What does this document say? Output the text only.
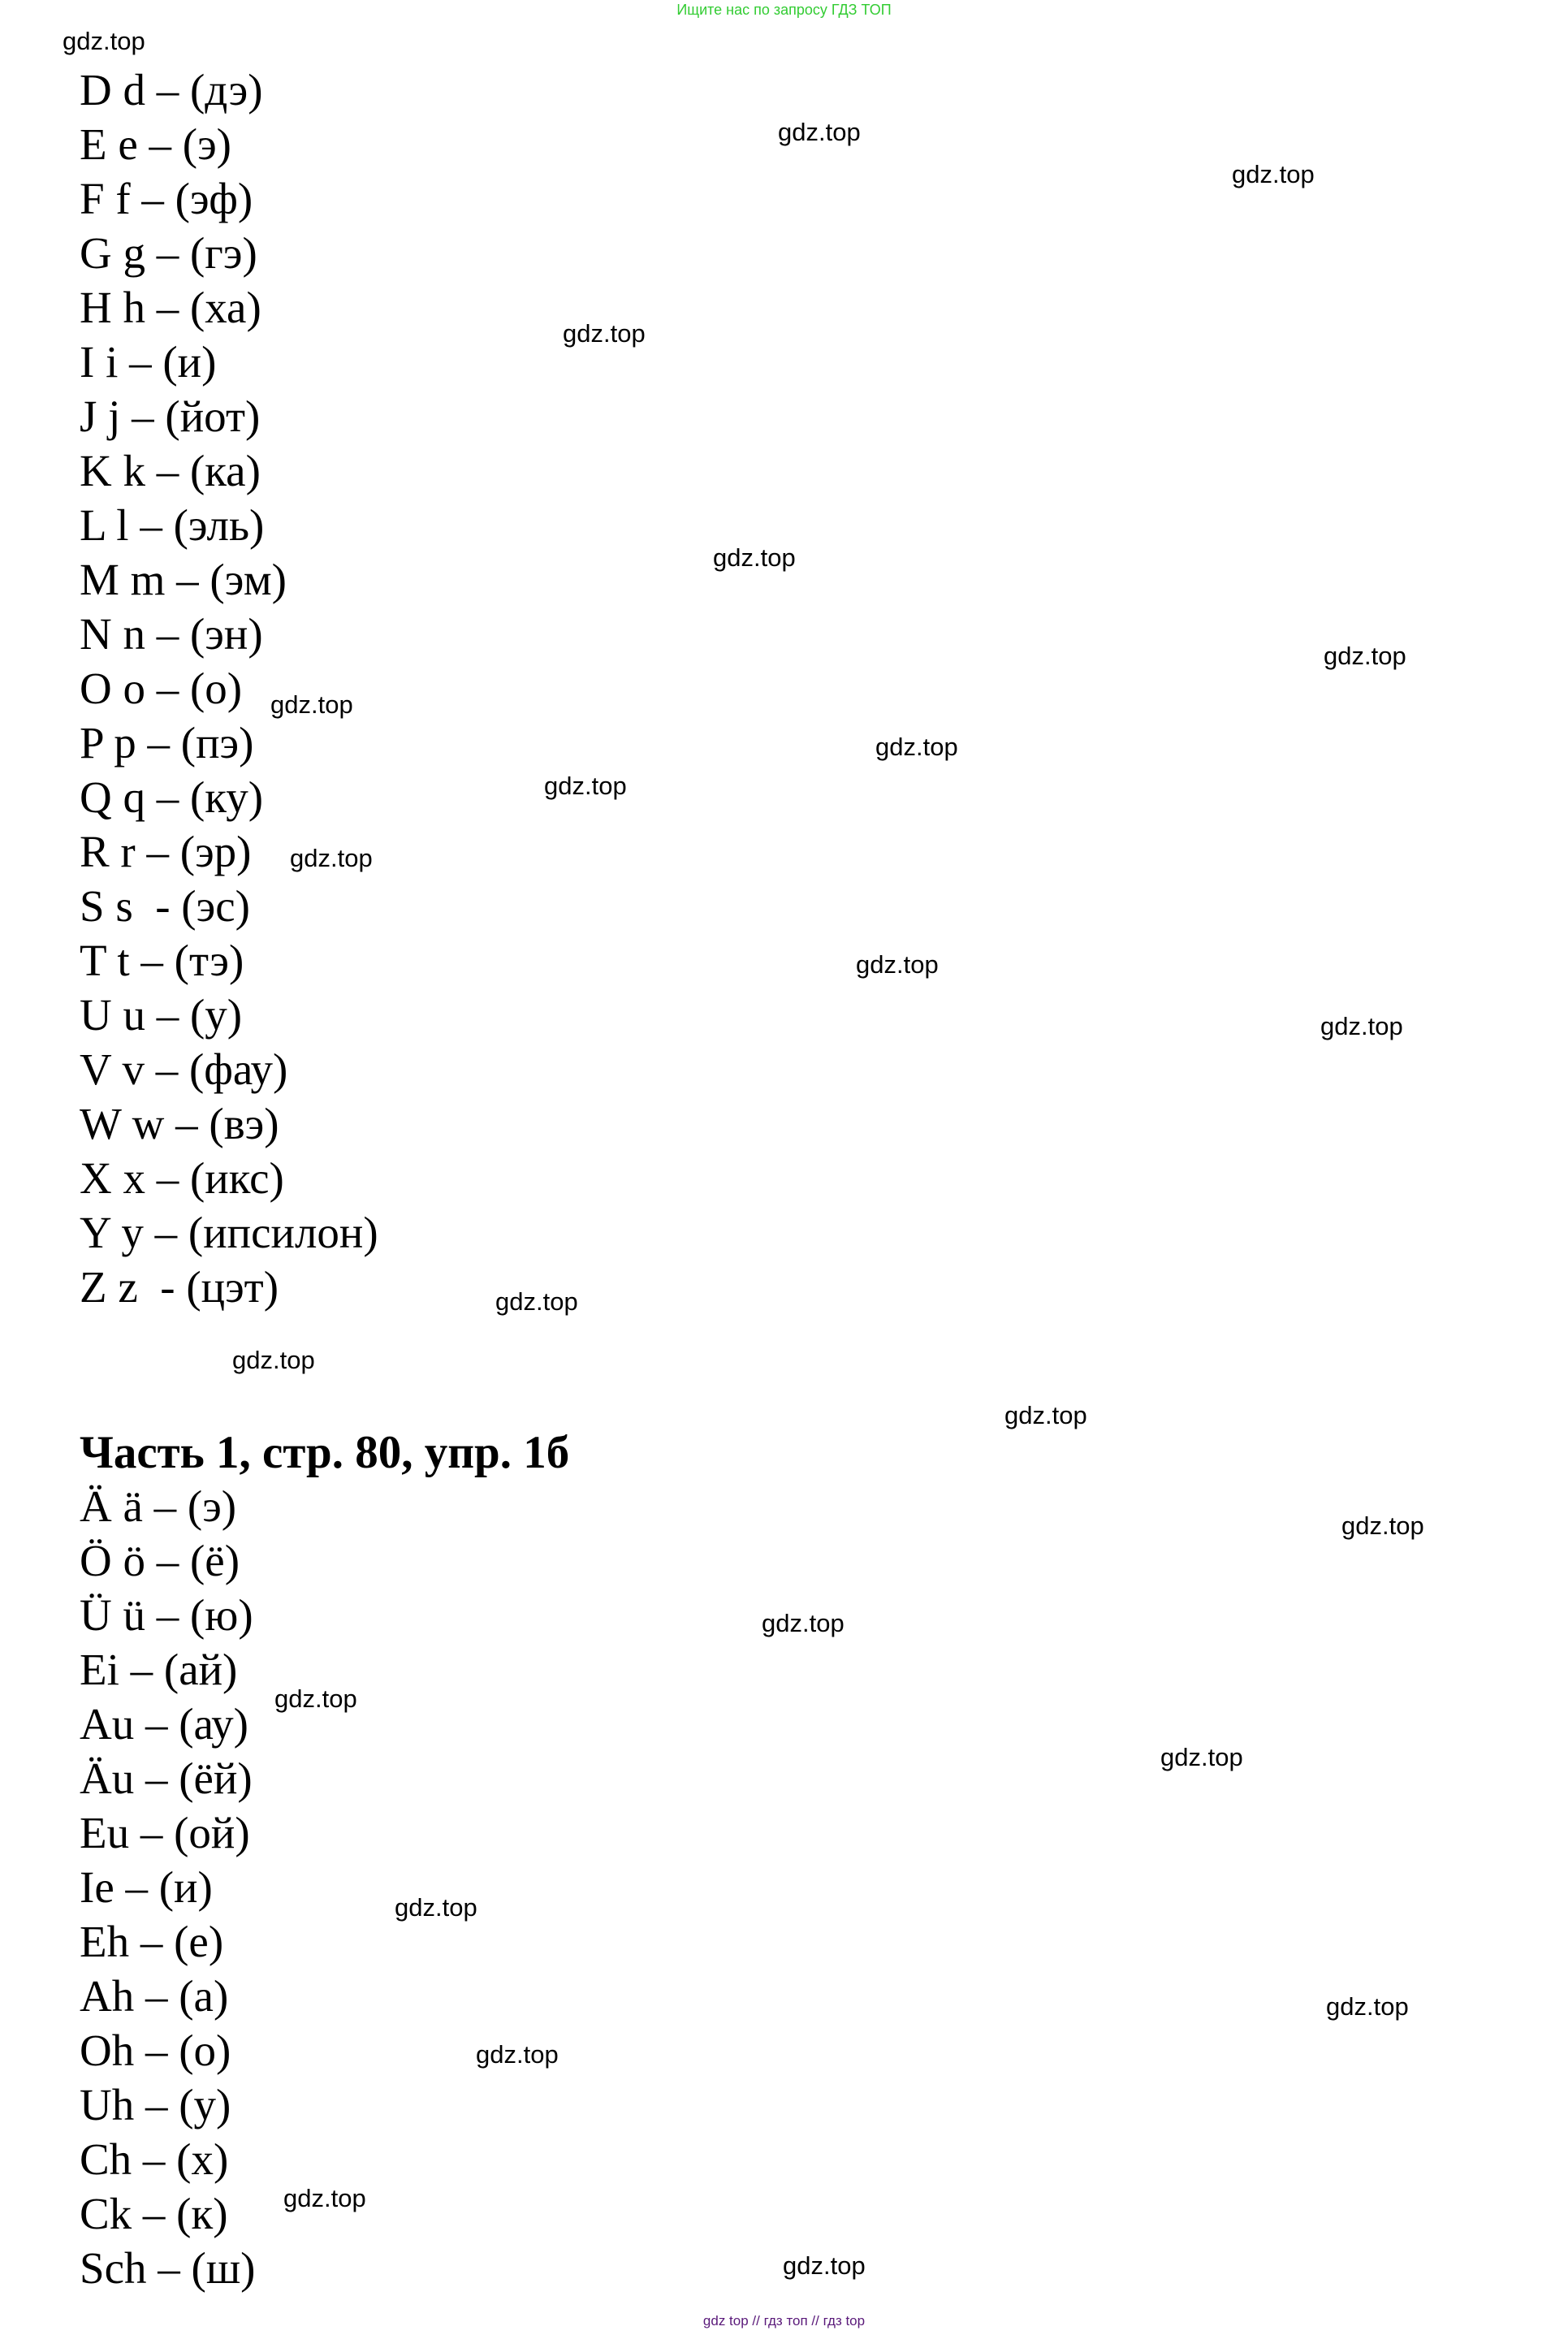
Ищите нас по запросу ГДЗ ТОП
D d – (дэ)
E e – (э)
F f – (эф)
G g – (гэ)
H h – (ха)
I i – (и)
J j – (йот)
K k – (ка)
L l – (эль)
M m – (эм)
N n – (эн)
O o – (о)
P p – (пэ)
Q q – (ку)
R r – (эр)
S s  - (эс)
T t – (тэ)
U u – (у)
V v – (фау)
W w – (вэ)
X x – (икс)
Y y – (ипсилон)
Z z  - (цэт)
Часть 1, стр. 80, упр. 1б
Ä ä – (э)
Ö ö – (ё)
Ü ü – (ю)
Ei – (ай)
Au – (ау)
Äu – (ёй)
Eu – (ой)
Ie – (и)
Eh – (е)
Ah – (а)
Oh – (о)
Uh – (у)
Ch – (х)
Ck – (к)
Sch – (ш)
gdz.top
gdz.top
gdz.top
gdz.top
gdz.top
gdz.top
gdz.top
gdz.top
gdz.top
gdz.top
gdz.top
gdz.top
gdz.top
gdz.top
gdz.top
gdz.top
gdz.top
gdz.top
gdz.top
gdz.top
gdz.top
gdz.top
gdz.top
gdz.top
gdz top // гдз топ // гдз top
